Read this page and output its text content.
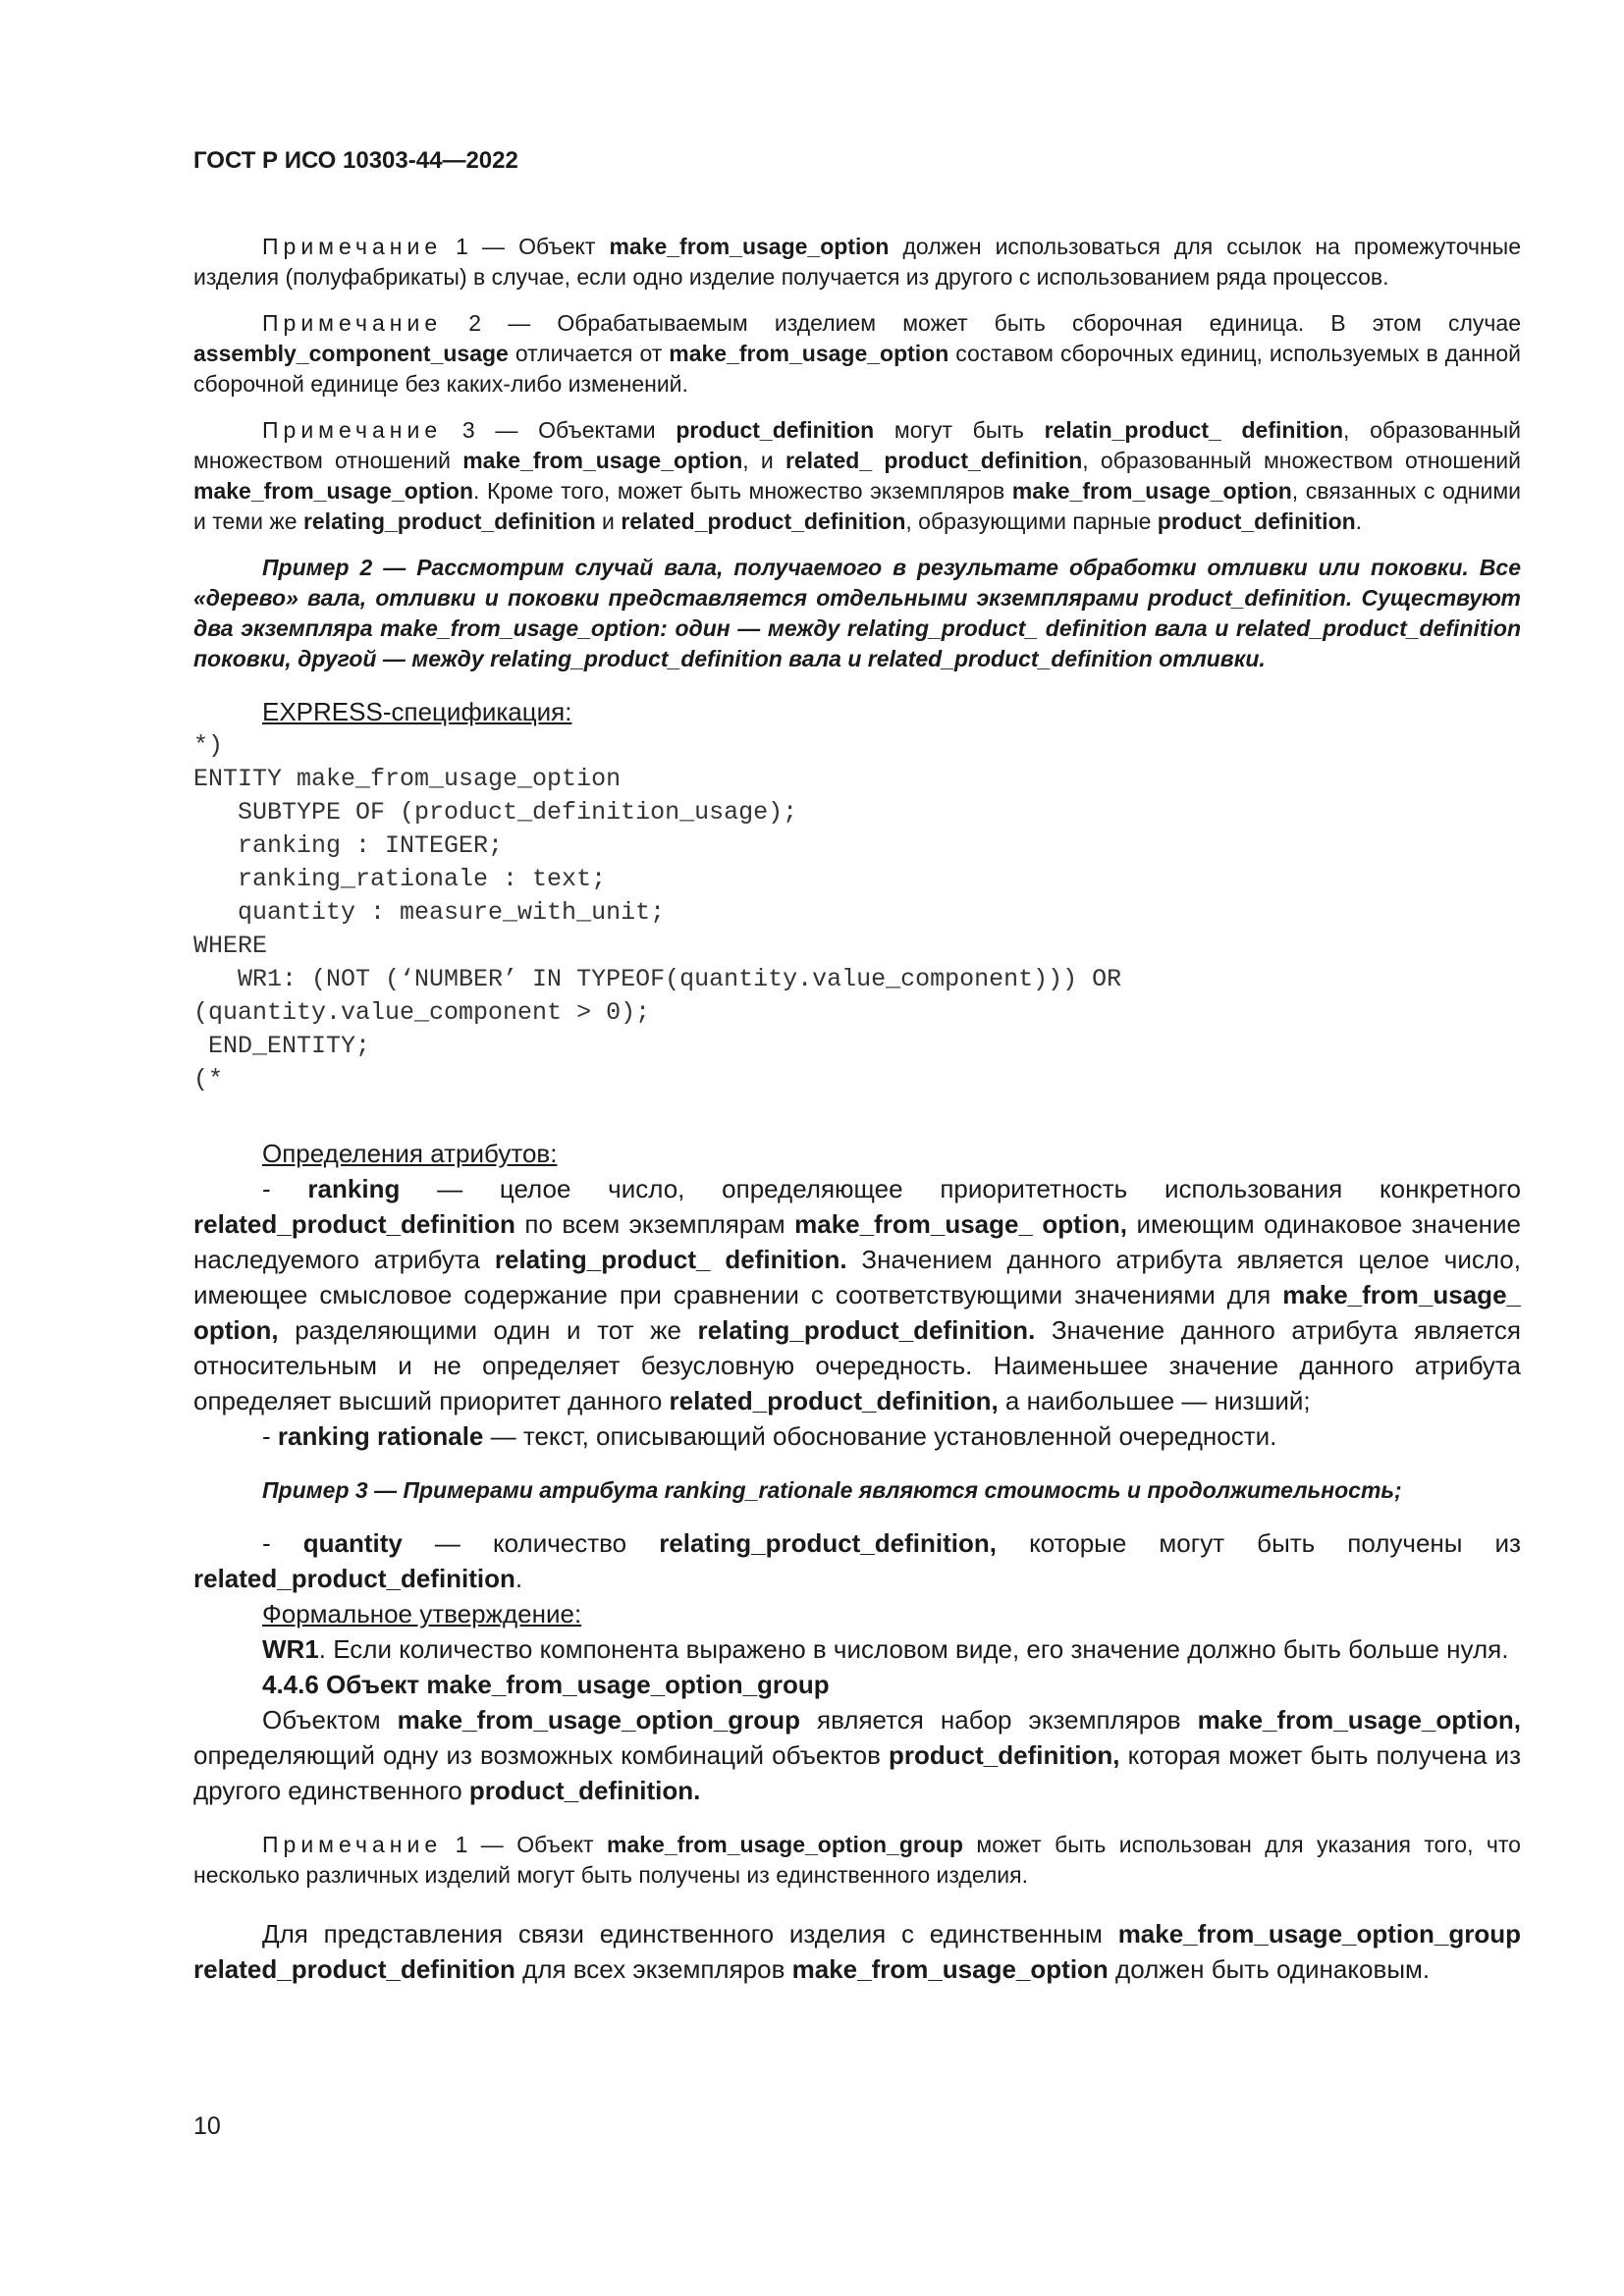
ГОСТ Р ИСО 10303-44—2022

Примечание 1 — Объект make_from_usage_option должен использоваться для ссылок на промежуточные изделия (полуфабрикаты) в случае, если одно изделие получается из другого с использованием ряда процессов.

Примечание 2 — Обрабатываемым изделием может быть сборочная единица. В этом случае assembly_component_usage отличается от make_from_usage_option составом сборочных единиц, используемых в данной сборочной единице без каких-либо изменений.

Примечание 3 — Объектами product_definition могут быть relatin_product_ definition, образованный множеством отношений make_from_usage_option, и related_ product_definition, образованный множеством отношений make_from_usage_option. Кроме того, может быть множество экземпляров make_from_usage_option, связанных с одними и теми же relating_product_definition и related_product_definition, образующими парные product_definition.

Пример 2 — Рассмотрим случай вала, получаемого в результате обработки отливки или поковки. Все «дерево» вала, отливки и поковки представляется отдельными экземплярами product_definition. Существуют два экземпляра make_from_usage_option: один — между relating_product_ definition вала и related_product_definition поковки, другой — между relating_product_definition вала и related_product_definition отливки.

EXPRESS-спецификация:
*)
ENTITY make_from_usage_option
SUBTYPE OF (product_definition_usage);
ranking : INTEGER;
ranking_rationale : text;
quantity : measure_with_unit;
WHERE
WR1: (NOT (‘NUMBER’ IN TYPEOF(quantity.value_component))) OR
(quantity.value_component > 0);
END_ENTITY;
(*
Определения атрибутов:

- ranking — целое число, определяющее приоритетность использования конкретного related_product_definition по всем экземплярам make_from_usage_ option, имеющим одинаковое значение наследуемого атрибута relating_product_ definition. Значением данного атрибута является целое число, имеющее смысловое содержание при сравнении с соответствующими значениями для make_from_usage_ option, разделяющими один и тот же relating_product_definition. Значение данного атрибута является относительным и не определяет безусловную очередность. Наименьшее значение данного атрибута определяет высший приоритет данного related_product_definition, а наибольшее — низший;

- ranking rationale — текст, описывающий обоснование установленной очередности.

Пример 3 — Примерами атрибута ranking_rationale являются стоимость и продолжительность;

- quantity — количество relating_product_definition, которые могут быть получены из related_product_definition.

Формальное утверждение:

WR1. Если количество компонента выражено в числовом виде, его значение должно быть больше нуля.

4.4.6 Объект make_from_usage_option_group

Объектом make_from_usage_option_group является набор экземпляров make_from_usage_option, определяющий одну из возможных комбинаций объектов product_definition, которая может быть получена из другого единственного product_definition.

Примечание 1 — Объект make_from_usage_option_group может быть использован для указания того, что несколько различных изделий могут быть получены из единственного изделия.

Для представления связи единственного изделия с единственным make_from_usage_option_group related_product_definition для всех экземпляров make_from_usage_option должен быть одинаковым.

10
